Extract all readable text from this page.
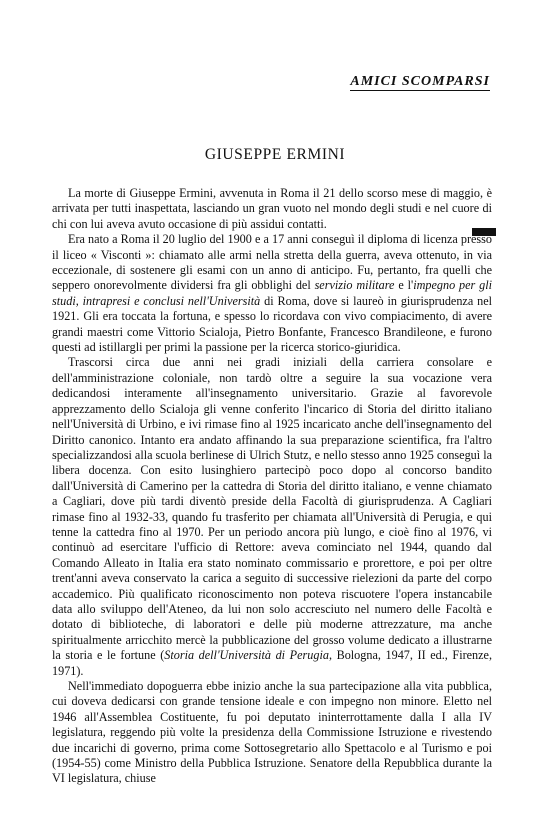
AMICI SCOMPARSI
GIUSEPPE ERMINI

La morte di Giuseppe Ermini, avvenuta in Roma il 21 dello scorso mese di maggio, è arrivata per tutti inaspettata, lasciando un gran vuoto nel mondo degli studi e nel cuore di chi con lui aveva avuto occasione di più assidui contatti.

Era nato a Roma il 20 luglio del 1900 e a 17 anni conseguì il diploma di licenza presso il liceo « Visconti »: chiamato alle armi nella stretta della guerra, aveva ottenuto, in via eccezionale, di sostenere gli esami con un anno di anticipo. Fu, pertanto, fra quelli che seppero onorevolmente dividersi fra gli obblighi del servizio militare e l'impegno per gli studi, intrapresi e conclusi nell'Università di Roma, dove si laureò in giurisprudenza nel 1921. Gli era toccata la fortuna, e spesso lo ricordava con vivo compiacimento, di avere grandi maestri come Vittorio Scialoja, Pietro Bonfante, Francesco Brandileone, e furono questi ad istillargli per primi la passione per la ricerca storico-giuridica.

Trascorsi circa due anni nei gradi iniziali della carriera consolare e dell'amministrazione coloniale, non tardò oltre a seguire la sua vocazione vera dedicandosi interamente all'insegnamento universitario. Grazie al favorevole apprezzamento dello Scialoja gli venne conferito l'incarico di Storia del diritto italiano nell'Università di Urbino, e ivi rimase fino al 1925 incaricato anche dell'insegnamento del Diritto canonico. Intanto era andato affinando la sua preparazione scientifica, fra l'altro specializzandosi alla scuola berlinese di Ulrich Stutz, e nello stesso anno 1925 conseguì la libera docenza. Con esito lusinghiero partecipò poco dopo al concorso bandito dall'Università di Camerino per la cattedra di Storia del diritto italiano, e venne chiamato a Cagliari, dove più tardi diventò preside della Facoltà di giurisprudenza. A Cagliari rimase fino al 1932-33, quando fu trasferito per chiamata all'Università di Perugia, e qui tenne la cattedra fino al 1970. Per un periodo ancora più lungo, e cioè fino al 1976, vi continuò ad esercitare l'ufficio di Rettore: aveva cominciato nel 1944, quando dal Comando Alleato in Italia era stato nominato commissario e prorettore, e poi per oltre trent'anni aveva conservato la carica a seguito di successive rielezioni da parte del corpo accademico. Più qualificato riconoscimento non poteva riscuotere l'opera instancabile data allo sviluppo dell'Ateneo, da lui non solo accresciuto nel numero delle Facoltà e dotato di biblioteche, di laboratori e delle più moderne attrezzature, ma anche spiritualmente arricchito mercè la pubblicazione del grosso volume dedicato a illustrarne la storia e le fortune (Storia dell'Università di Perugia, Bologna, 1947, II ed., Firenze, 1971).

Nell'immediato dopoguerra ebbe inizio anche la sua partecipazione alla vita pubblica, cui doveva dedicarsi con grande tensione ideale e con impegno non minore. Eletto nel 1946 all'Assemblea Costituente, fu poi deputato ininterrottamente dalla I alla IV legislatura, reggendo più volte la presidenza della Commissione Istruzione e rivestendo due incarichi di governo, prima come Sottosegretario allo Spettacolo e al Turismo e poi (1954-55) come Ministro della Pubblica Istruzione. Senatore della Repubblica durante la VI legislatura, chiuse
